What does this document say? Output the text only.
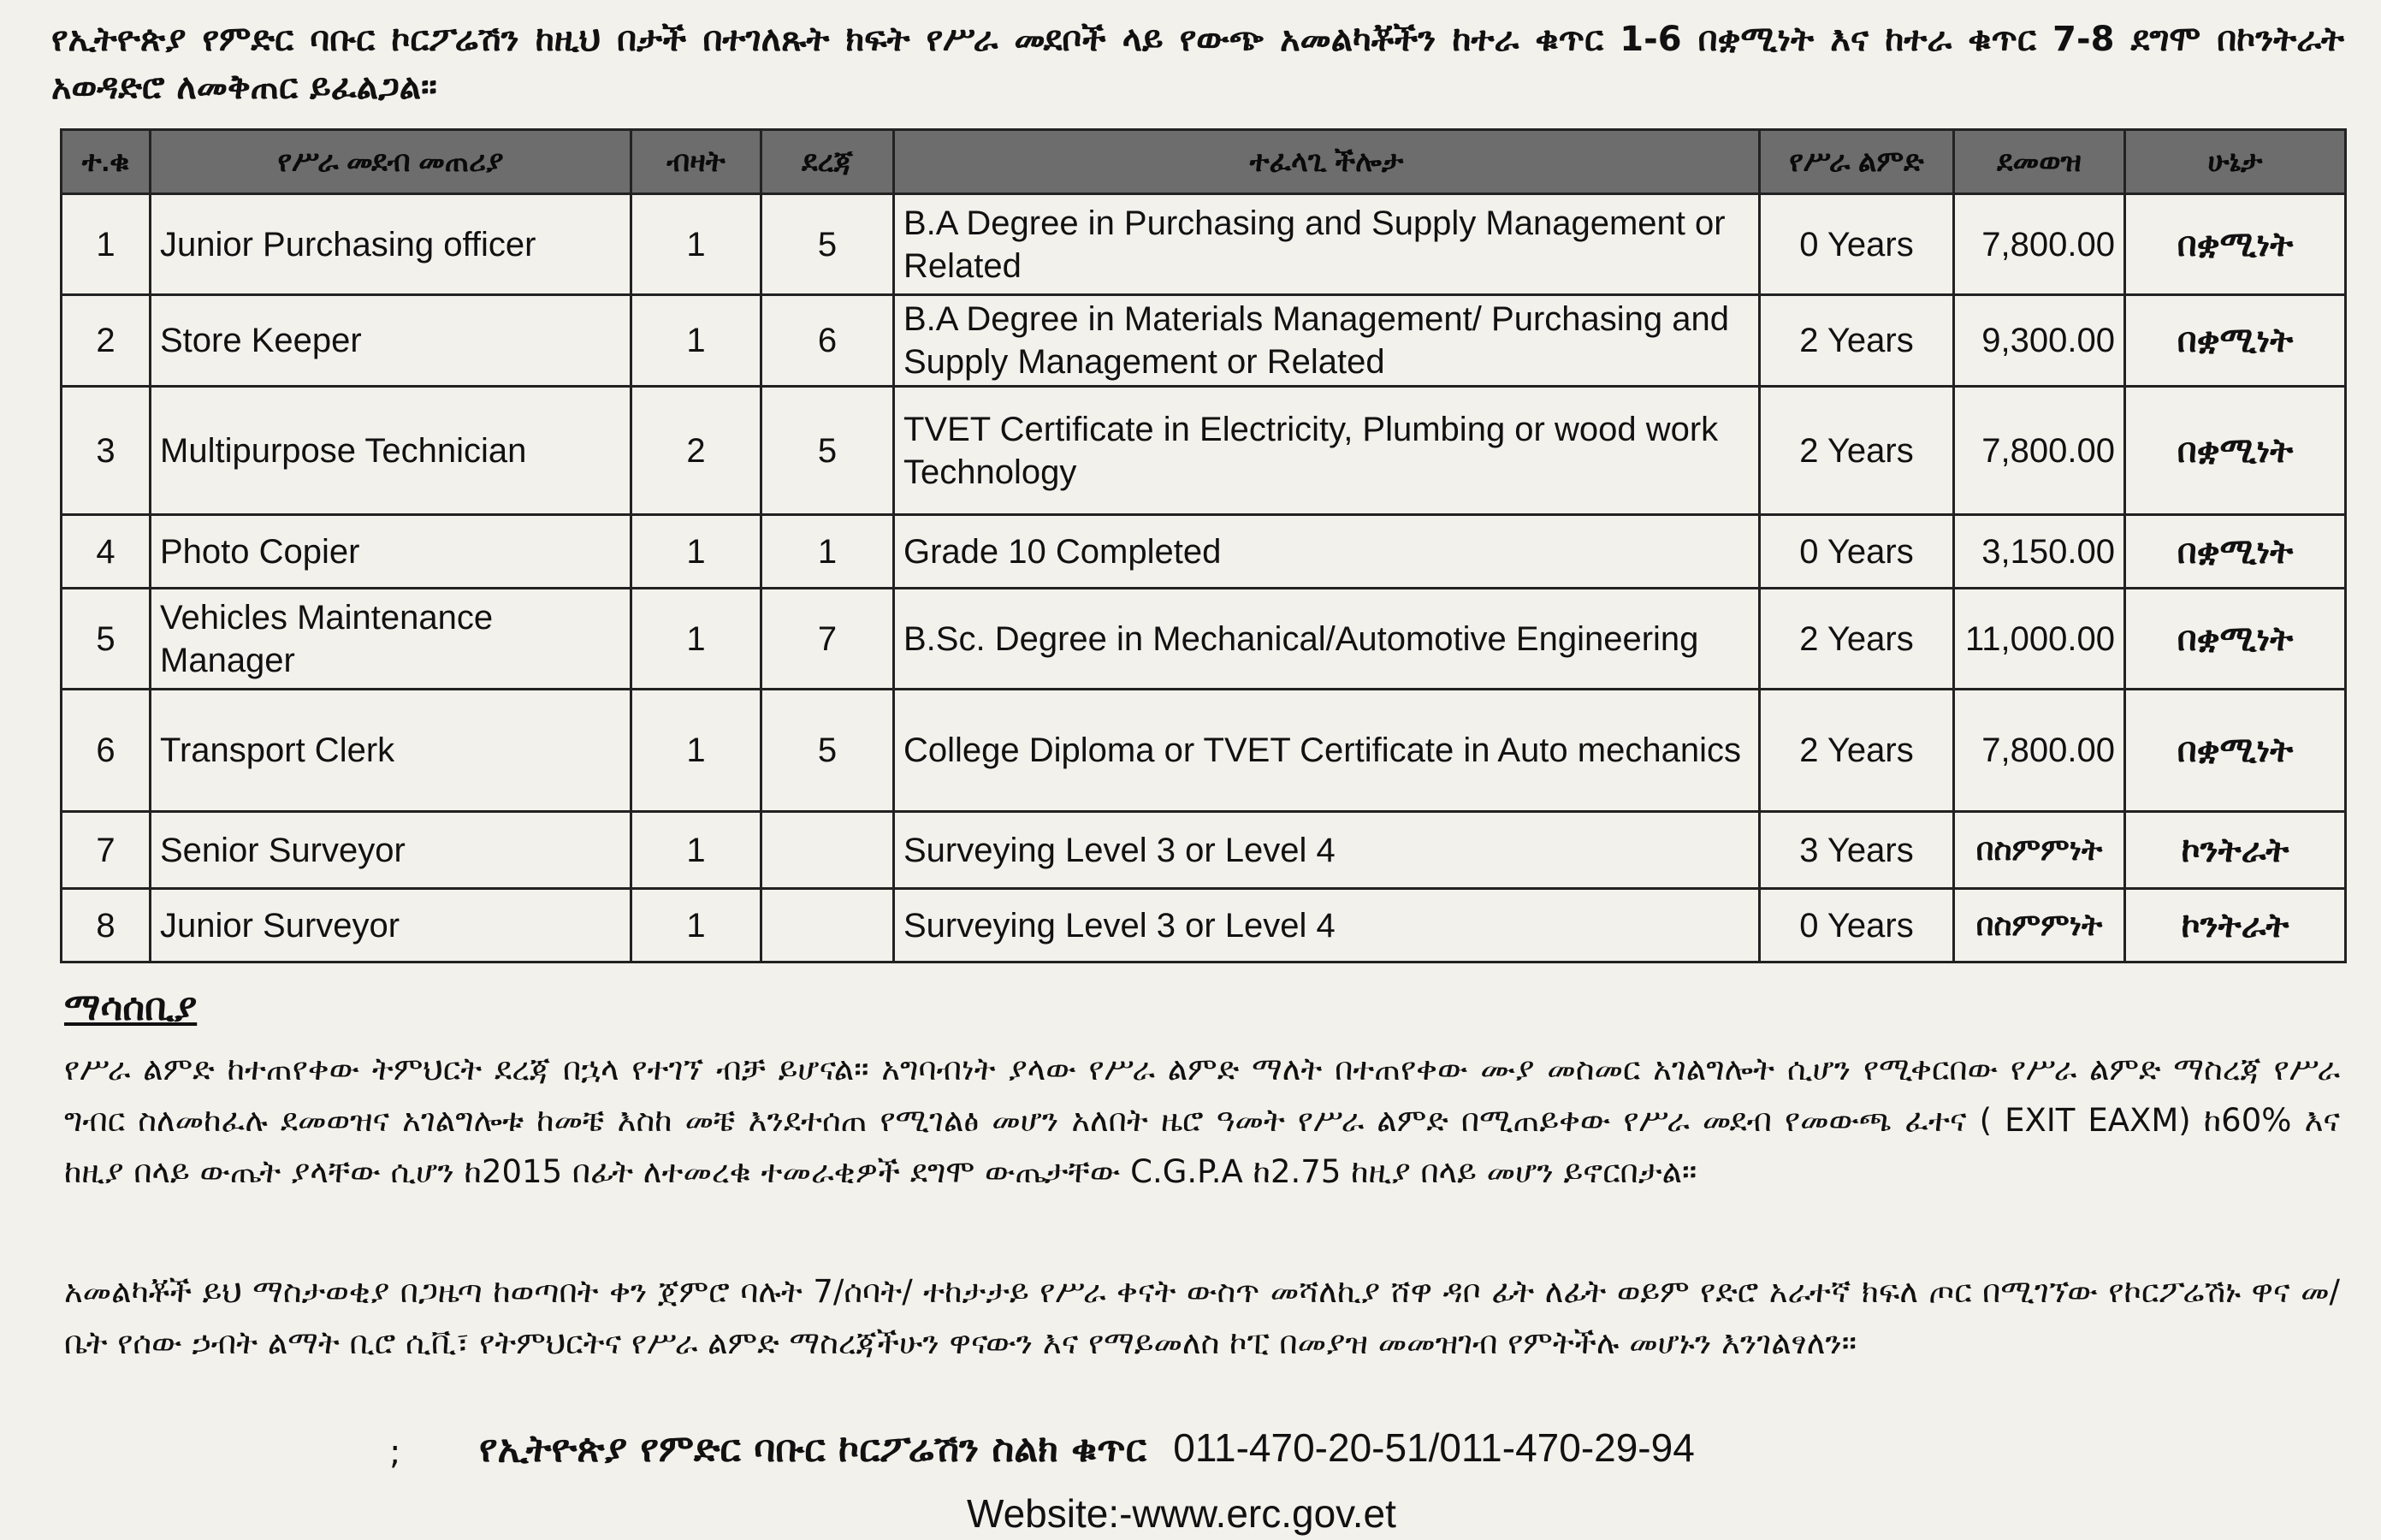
የኢትዮጵያ የምድር ባቡር ኮርፖሬሽን ከዚህ በታች በተገለጹት ክፍት የሥራ መደቦች ላይ የውጭ አመልካቾችን ከተራ ቁጥር 1-6 በቋሚነት እና ከተራ ቁጥር 7-8 ደግሞ በኮንትራት አወዳድሮ ለመቅጠር ይፈልጋል።
ተ.ቁ	የሥራ መደብ መጠሪያ	ብዛት	ደረጃ	ተፈላጊ ችሎታ	የሥራ ልምድ	ደመወዝ	ሁኔታ
1	Junior Purchasing officer	1	5	B.A Degree in Purchasing and Supply Management or Related	0 Years	7,800.00	በቋሚነት
2	Store Keeper	1	6	B.A Degree in Materials Management/ Purchasing and Supply Management or Related	2 Years	9,300.00	በቋሚነት
3	Multipurpose Technician	2	5	TVET Certificate in Electricity, Plumbing or wood work Technology	2 Years	7,800.00	በቋሚነት
4	Photo Copier	1	1	Grade 10 Completed	0 Years	3,150.00	በቋሚነት
5	Vehicles Maintenance Manager	1	7	B.Sc. Degree in Mechanical/Automotive Engineering	2 Years	11,000.00	በቋሚነት
6	Transport Clerk	1	5	College Diploma or TVET Certificate in Auto mechanics	2 Years	7,800.00	በቋሚነት
7	Senior Surveyor	1		Surveying Level 3 or Level 4	3 Years	በስምምነት	ኮንትራት
8	Junior Surveyor	1		Surveying Level 3 or Level 4	0 Years	በስምምነት	ኮንትራት
ማሳሰቢያ
የሥራ ልምድ ከተጠየቀው ትምህርት ደረጃ በኋላ የተገኘ ብቻ ይሆናል። አግባብነት ያላው የሥራ ልምድ ማለት በተጠየቀው ሙያ መስመር አገልግሎት ሲሆን የሚቀርበው የሥራ ልምድ ማስረጃ የሥራ ግብር ስለመከፈሉ ደመወዝና አገልግሎቱ ከመቼ እስከ መቼ እንደተሰጠ የሚገልፅ መሆን አለበት ዜሮ ዓመት የሥራ ልምድ በሚጠይቀው የሥራ መደብ የመውጫ ፈተና ( EXIT EAXM) ከ60% እና ከዚያ በላይ ውጤት ያላቸው ሲሆን ከ2015 በፊት ለተመረቁ ተመራቂዎች ደግሞ ውጤታቸው C.G.P.A ከ2.75 ከዚያ በላይ መሆን ይኖርበታል።
አመልካቾች ይህ ማስታወቂያ በጋዜጣ ከወጣበት ቀን ጀምሮ ባሉት 7/ሰባት/ ተከታታይ የሥራ ቀናት ውስጥ መሻለኪያ ሸዋ ዳቦ ፊት ለፊት ወይም የድሮ አራተኛ ክፍለ ጦር በሚገኘው የኮርፖሬሽኑ ዋና መ/ቤት የሰው ኃብት ልማት ቢሮ ሲቪ፣ የትምህርትና የሥራ ልምድ ማስረጃችሁን ዋናውን እና የማይመለስ ኮፒ በመያዝ መመዝገብ የምትችሉ መሆኑን እንገልፃለን።
; የኢትዮጵያ የምድር ባቡር ኮርፖሬሽን ስልክ ቁጥር 011-470-20-51/011-470-29-94
Website:-www.erc.gov.et
